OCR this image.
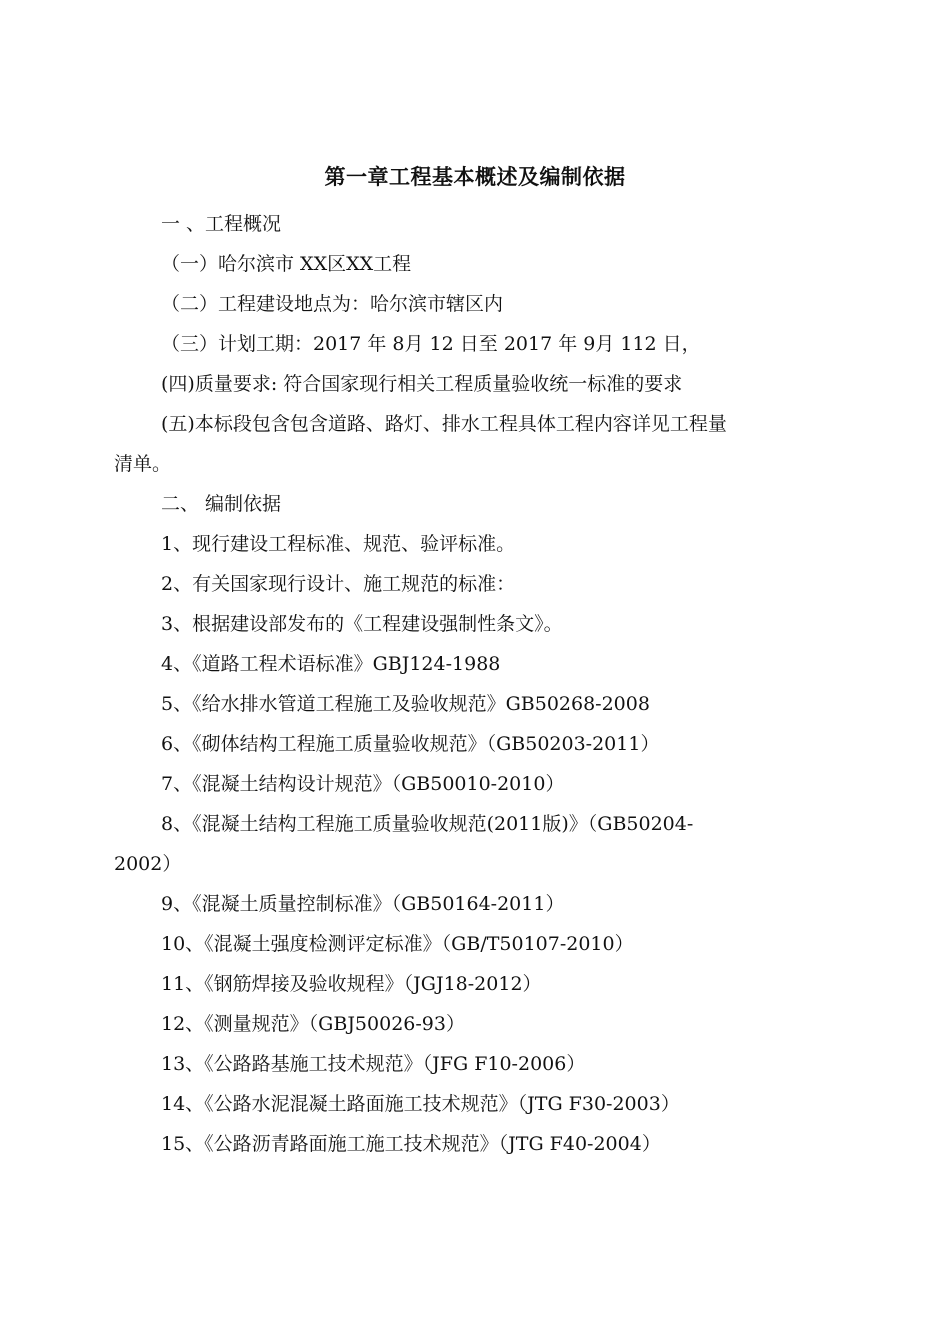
第一章工程基本概述及编制依据
一 、工程概况
（一）哈尔滨市 XX区XX工程
（二）工程建设地点为：哈尔滨市辖区内
（三）计划工期：2017 年 8月 12 日至 2017 年 9月 112 日，
(四)质量要求: 符合国家现行相关工程质量验收统一标准的要求
(五)本标段包含包含道路、路灯、排水工程具体工程内容详见工程量
清单。
二、 编制依据
1、现行建设工程标准、规范、验评标准。
2、有关国家现行设计、施工规范的标准：
3、根据建设部发布的《工程建设强制性条文》。
4、《道路工程术语标准》GBJ124-1988
5、《给水排水管道工程施工及验收规范》GB50268-2008
6、《砌体结构工程施工质量验收规范》（GB50203-2011）
7、《混凝土结构设计规范》（GB50010-2010）
8、《混凝土结构工程施工质量验收规范(2011版)》（GB50204-
2002）
9、《混凝土质量控制标准》（GB50164-2011）
10、《混凝土强度检测评定标准》（GB/T50107-2010）
11、《钢筋焊接及验收规程》（JGJ18-2012）
12、《测量规范》（GBJ50026-93）
13、《公路路基施工技术规范》（JFG F10-2006）
14、《公路水泥混凝土路面施工技术规范》（JTG F30-2003）
15、《公路沥青路面施工施工技术规范》（JTG F40-2004）
